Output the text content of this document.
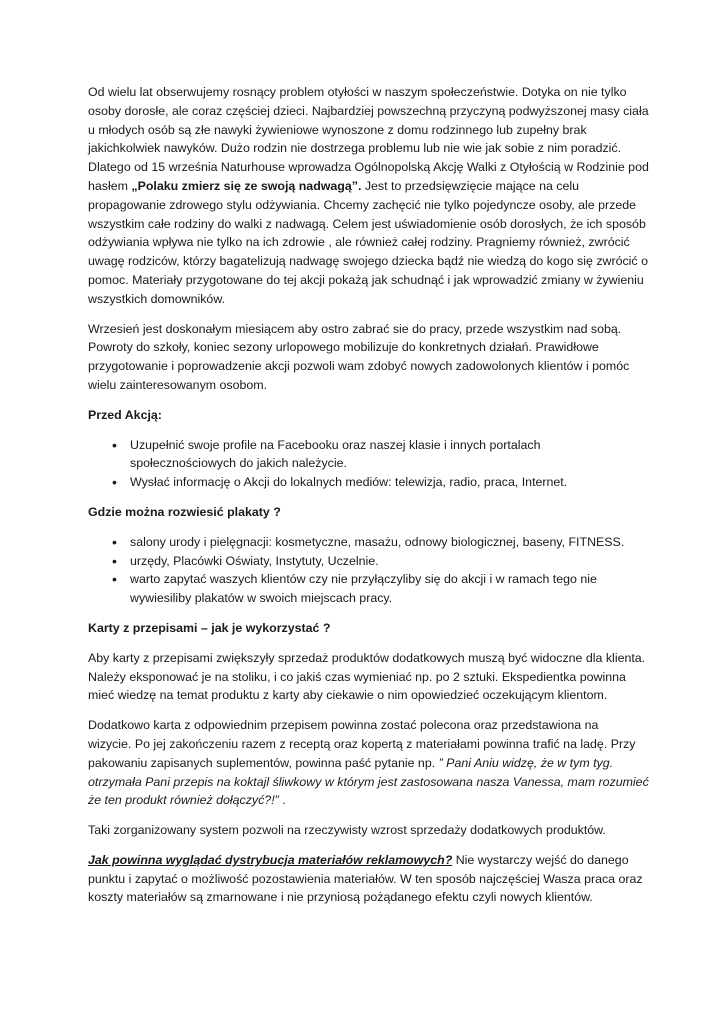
Od wielu lat obserwujemy rosnący problem otyłości w naszym społeczeństwie. Dotyka on nie tylko
osoby dorosłe, ale coraz częściej dzieci. Najbardziej powszechną przyczyną podwyższonej masy ciała
u młodych osób są złe nawyki żywieniowe wynoszone z domu rodzinnego lub zupełny brak
jakichkolwiek nawyków. Dużo rodzin nie dostrzega problemu lub nie wie jak sobie z nim poradzić.
Dlatego od 15 września Naturhouse wprowadza Ogólnopolską Akcję Walki z Otyłością w Rodzinie pod
hasłem „Polaku zmierz się ze swoją nadwagą”. Jest to przedsięwzięcie mające na celu
propagowanie zdrowego stylu odżywiania. Chcemy zachęcić nie tylko pojedyncze osoby, ale przede
wszystkim całe rodziny do walki z nadwagą. Celem jest uświadomienie osób dorosłych, że ich sposób
odżywiania wpływa nie tylko na ich zdrowie , ale również całej rodziny. Pragniemy również, zwrócić
uwagę rodziców, którzy bagatelizują nadwagę swojego dziecka bądź nie wiedzą do kogo się zwrócić o
pomoc. Materiały przygotowane do tej akcji pokażą jak schudnąć i jak wprowadzić zmiany w żywieniu
wszystkich domowników.
Wrzesień jest doskonałym miesiącem aby ostro zabrać sie do pracy, przede wszystkim nad sobą.
Powroty do szkoły, koniec sezony urlopowego mobilizuje do konkretnych działań. Prawidłowe
przygotowanie i poprowadzenie akcji pozwoli wam zdobyć nowych zadowolonych klientów i pomóc
wielu zainteresowanym osobom.
Przed Akcją:
• Uzupełnić swoje profile na Facebooku oraz naszej klasie i innych portalach
społecznościowych do jakich należycie.
• Wysłać informację o Akcji do lokalnych mediów: telewizja, radio, praca, Internet.
Gdzie można rozwiesić plakaty ?
• salony urody i pielęgnacji: kosmetyczne, masażu, odnowy biologicznej, baseny, FITNESS.
• urzędy, Placówki Oświaty, Instytuty, Uczelnie.
• warto zapytać waszych klientów czy nie przyłączyliby się do akcji i w ramach tego nie
wywiesiliby plakatów w swoich miejscach pracy.
Karty z przepisami – jak je wykorzystać ?
Aby karty z przepisami zwiększyły sprzedaż produktów dodatkowych muszą być widoczne dla klienta.
Należy eksponować je na stoliku, i co jakiś czas wymieniać np. po 2 sztuki. Ekspedientka powinna
mieć wiedzę na temat produktu z karty aby ciekawie o nim opowiedzieć oczekującym klientom.
Dodatkowo karta z odpowiednim przepisem powinna zostać polecona oraz przedstawiona na
wizycie. Po jej zakończeniu razem z receptą oraz kopertą z materiałami powinna trafić na ladę. Przy
pakowaniu zapisanych suplementów, powinna paść pytanie np. ” Pani Aniu widzę, że w tym tyg.
otrzymała Pani przepis na koktajl śliwkowy w którym jest zastosowana nasza Vanessa, mam rozumieć
że ten produkt również dołączyć?!” .
Taki zorganizowany system pozwoli na rzeczywisty wzrost sprzedaży dodatkowych produktów.
Jak powinna wyglądać dystrybucja materiałów reklamowych? Nie wystarczy wejść do danego
punktu i zapytać o możliwość pozostawienia materiałów. W ten sposób najczęściej Wasza praca oraz
koszty materiałów są zmarnowane i nie przyniosą pożądanego efektu czyli nowych klientów.
